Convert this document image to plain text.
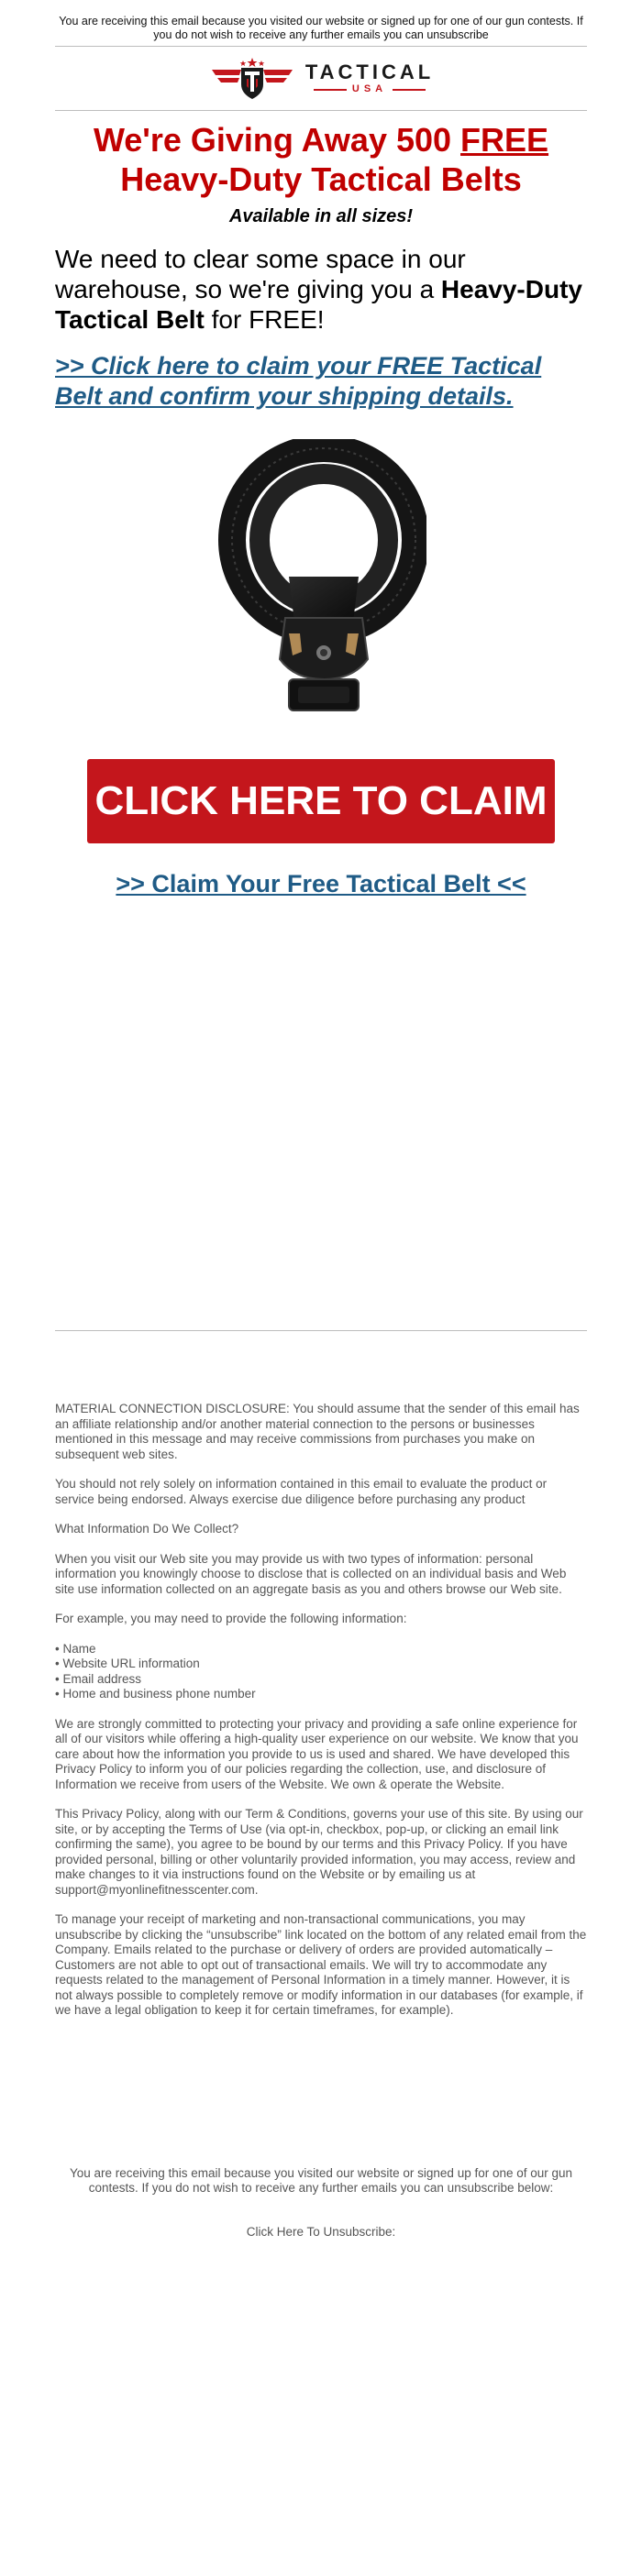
You are receiving this email because you visited our website or signed up for one of our gun contests. If you do not wish to receive any further emails you can unsubscribe
TACTICAL
USA
We're Giving Away 500 FREE
Heavy-Duty Tactical Belts
Available in all sizes!
We need to clear some space in our warehouse, so we're giving you a Heavy-Duty Tactical Belt for FREE!
>> Click here to claim your FREE Tactical Belt and confirm your shipping details.
CLICK HERE TO CLAIM
>> Claim Your Free Tactical Belt <<

MATERIAL CONNECTION DISCLOSURE: You should assume that the sender of this email has an affiliate relationship and/or another material connection to the persons or businesses mentioned in this message and may receive commissions from purchases you make on subsequent web sites.

You should not rely solely on information contained in this email to evaluate the product or service being endorsed. Always exercise due diligence before purchasing any product

What Information Do We Collect?

When you visit our Web site you may provide us with two types of information: personal information you knowingly choose to disclose that is collected on an individual basis and Web site use information collected on an aggregate basis as you and others browse our Web site.

For example, you may need to provide the following information:

• Name
• Website URL information
• Email address
• Home and business phone number

We are strongly committed to protecting your privacy and providing a safe online experience for all of our visitors while offering a high-quality user experience on our website. We know that you care about how the information you provide to us is used and shared. We have developed this Privacy Policy to inform you of our policies regarding the collection, use, and disclosure of Information we receive from users of the Website. We own & operate the Website.

This Privacy Policy, along with our Term & Conditions, governs your use of this site. By using our site, or by accepting the Terms of Use (via opt-in, checkbox, pop-up, or clicking an email link confirming the same), you agree to be bound by our terms and this Privacy Policy. If you have provided personal, billing or other voluntarily provided information, you may access, review and make changes to it via instructions found on the Website or by emailing us at support@myonlinefitnesscenter.com.

To manage your receipt of marketing and non-transactional communications, you may unsubscribe by clicking the “unsubscribe” link located on the bottom of any related email from the Company. Emails related to the purchase or delivery of orders are provided automatically – Customers are not able to opt out of transactional emails. We will try to accommodate any requests related to the management of Personal Information in a timely manner. However, it is not always possible to completely remove or modify information in our databases (for example, if we have a legal obligation to keep it for certain timeframes, for example).

You are receiving this email because you visited our website or signed up for one of our gun contests. If you do not wish to receive any further emails you can unsubscribe below:
Click Here To Unsubscribe:
